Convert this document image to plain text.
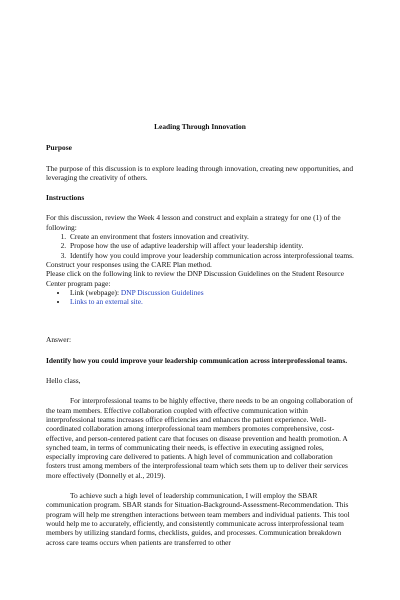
Leading Through Innovation

Purpose

The purpose of this discussion is to explore leading through innovation, creating new opportunities, and leveraging the creativity of others.

Instructions

For this discussion, review the Week 4 lesson and construct and explain a strategy for one (1) of the following:

1. Create an environment that fosters innovation and creativity.
2. Propose how the use of adaptive leadership will affect your leadership identity.
3. Identify how you could improve your leadership communication across interprofessional teams.

Construct your responses using the CARE Plan method.

Please click on the following link to review the DNP Discussion Guidelines on the Student Resource Center program page:

• Link (webpage): DNP Discussion Guidelines
• Links to an external site.

Answer:

Identify how you could improve your leadership communication across interprofessional teams.

Hello class,

For interprofessional teams to be highly effective, there needs to be an ongoing collaboration of the team members. Effective collaboration coupled with effective communication within interprofessional teams increases office efficiencies and enhances the patient experience. Well-coordinated collaboration among interprofessional team members promotes comprehensive, cost-effective, and person-centered patient care that focuses on disease prevention and health promotion. A synched team, in terms of communicating their needs, is effective in executing assigned roles, especially improving care delivered to patients. A high level of communication and collaboration fosters trust among members of the interprofessional team which sets them up to deliver their services more effectively (Donnelly et al., 2019).

To achieve such a high level of leadership communication, I will employ the SBAR communication program. SBAR stands for Situation-Background-Assessment-Recommendation. This program will help me strengthen interactions between team members and individual patients. This tool would help me to accurately, efficiently, and consistently communicate across interprofessional team members by utilizing standard forms, checklists, guides, and processes. Communication breakdown across care teams occurs when patients are transferred to other
